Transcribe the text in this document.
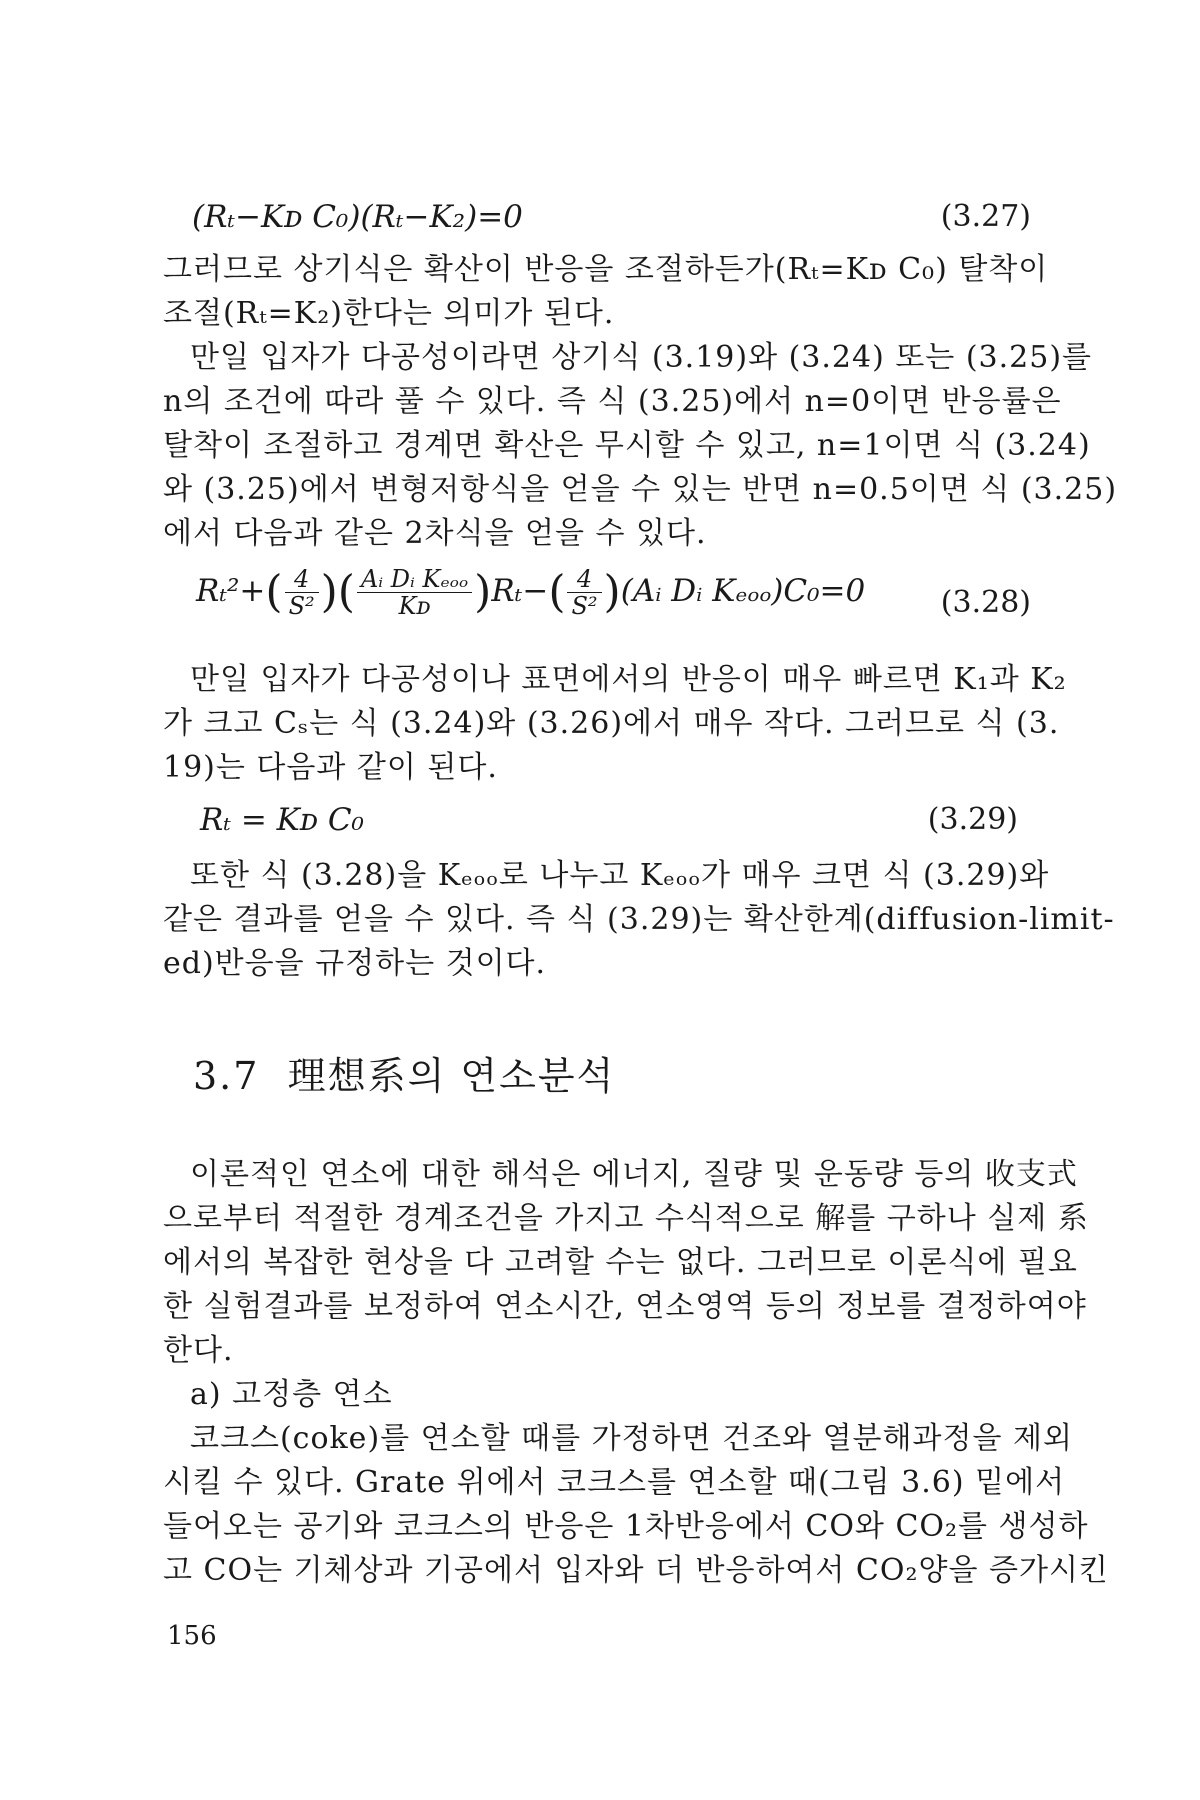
(Rₜ−Kᴅ C₀)(Rₜ−K₂)=0	(3.27)
그러므로 상기식은 확산이 반응을 조절하든가(Rₜ=Kᴅ C₀) 탈착이
조절(Rₜ=K₂)한다는 의미가 된다.
만일 입자가 다공성이라면 상기식 (3.19)와 (3.24) 또는 (3.25)를
n의 조건에 따라 풀 수 있다. 즉 식 (3.25)에서 n=0이면 반응률은
탈착이 조절하고 경계면 확산은 무시할 수 있고, n=1이면 식 (3.24)
와 (3.25)에서 변형저항식을 얻을 수 있는 반면 n=0.5이면 식 (3.25)
에서 다음과 같은 2차식을 얻을 수 있다.
$R_t^2+( \frac{4}{\text{S²}}$ )( $\frac{\text{Aᵢ Dᵢ Kₑₒₒ}}{\text{Kᴅ}} )R_t-( \frac{4}{\text{S²}}$ )(Aᵢ Dᵢ Kₑₒₒ)C₀=0	(3.28)
만일 입자가 다공성이나 표면에서의 반응이 매우 빠르면 K₁과 K₂
가 크고 Cₛ는 식 (3.24)와 (3.26)에서 매우 작다. 그러므로 식 (3.
19)는 다음과 같이 된다.
Rₜ = Kᴅ C₀	(3.29)
또한 식 (3.28)을 Kₑₒₒ로 나누고 Kₑₒₒ가 매우 크면 식 (3.29)와
같은 결과를 얻을 수 있다. 즉 식 (3.29)는 확산한계(diffusion-limit-
ed)반응을 규정하는 것이다.
3.7 理想系의 연소분석
이론적인 연소에 대한 해석은 에너지, 질량 및 운동량 등의 收支式
으로부터 적절한 경계조건을 가지고 수식적으로 解를 구하나 실제 系
에서의 복잡한 현상을 다 고려할 수는 없다. 그러므로 이론식에 필요
한 실험결과를 보정하여 연소시간, 연소영역 등의 정보를 결정하여야
한다.
a) 고정층 연소
코크스(coke)를 연소할 때를 가정하면 건조와 열분해과정을 제외
시킬 수 있다. Grate 위에서 코크스를 연소할 때(그림 3.6) 밑에서
들어오는 공기와 코크스의 반응은 1차반응에서 CO와 CO₂를 생성하
고 CO는 기체상과 기공에서 입자와 더 반응하여서 CO₂양을 증가시킨
156
